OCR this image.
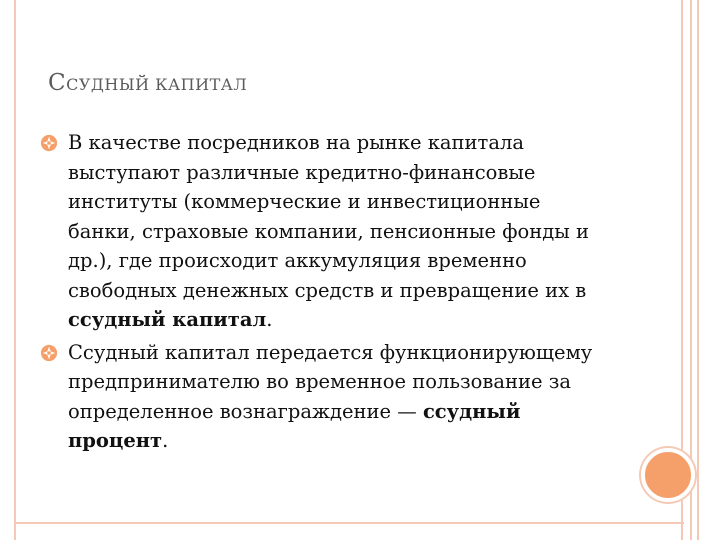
ССУДНЫЙ КАПИТАЛ
В качестве посредников на рынке капитала выступают различные кредитно-финансовые институты (коммерческие и инвестиционные банки, страховые компании, пенсионные фонды и др.), где происходит аккумуляция временно свободных денежных средств и превращение их в ссудный капитал.
Ссудный капитал передается функционирующему предпринимателю во временное пользование за определенное вознаграждение — ссудный процент.
